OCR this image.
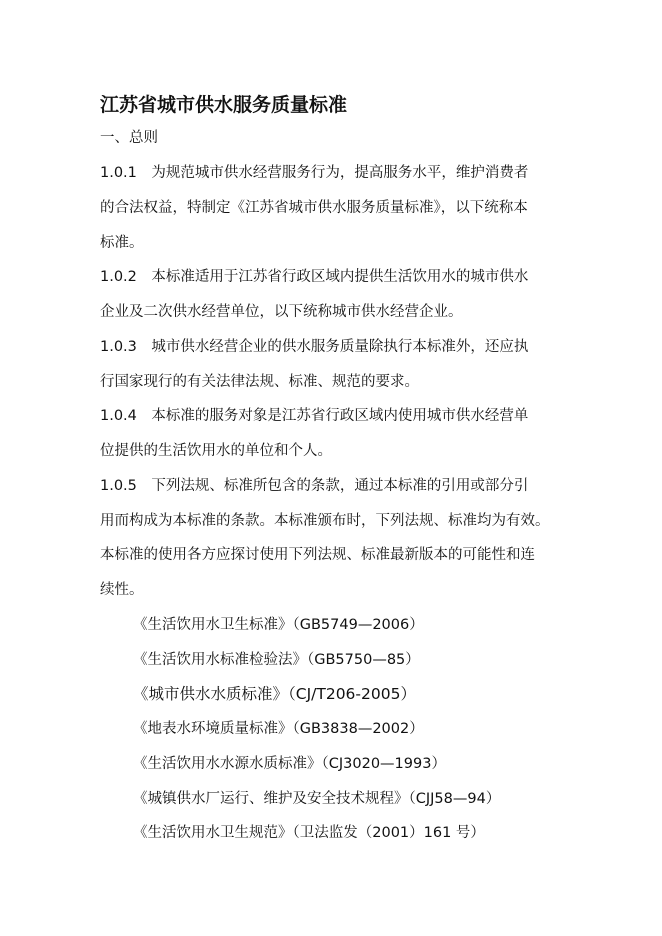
江苏省城市供水服务质量标准
一、总则
1.0.1　为规范城市供水经营服务行为，提高服务水平，维护消费者
的合法权益，特制定《江苏省城市供水服务质量标准》，以下统称本
标准。
1.0.2　本标准适用于江苏省行政区域内提供生活饮用水的城市供水
企业及二次供水经营单位，以下统称城市供水经营企业。
1.0.3　城市供水经营企业的供水服务质量除执行本标准外，还应执
行国家现行的有关法律法规、标准、规范的要求。
1.0.4　本标准的服务对象是江苏省行政区域内使用城市供水经营单
位提供的生活饮用水的单位和个人。
1.0.5　下列法规、标准所包含的条款，通过本标准的引用或部分引
用而构成为本标准的条款。本标准颁布时，下列法规、标准均为有效。
本标准的使用各方应探讨使用下列法规、标准最新版本的可能性和连
续性。
《生活饮用水卫生标准》（GB5749—2006）
《生活饮用水标准检验法》（GB5750—85）
《城市供水水质标准》（CJ/T206-2005）
《地表水环境质量标准》（GB3838—2002）
《生活饮用水水源水质标准》（CJ3020—1993）
《城镇供水厂运行、维护及安全技术规程》（CJJ58—94）
《生活饮用水卫生规范》（卫法监发（2001）161 号）
